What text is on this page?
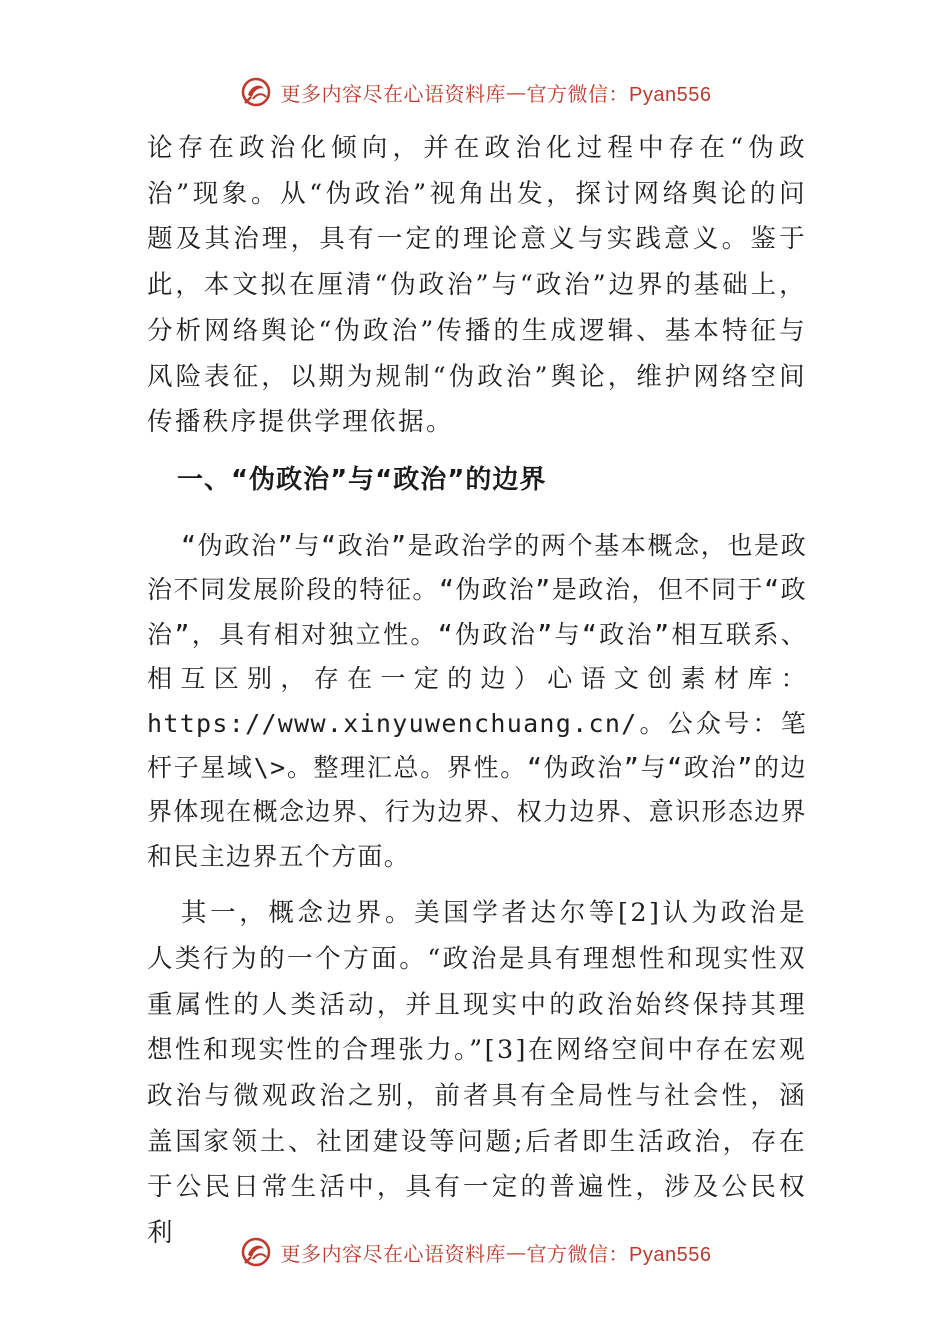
更多内容尽在心语资料库 — 官方微信：Pyan556

论存在政治化倾向，并在政治化过程中存在“伪政治”现象。从“伪政治”视角出发，探讨网络舆论的问题及其治理，具有一定的理论意义与实践意义。鉴于此，本文拟在厘清“伪政治”与“政治”边界的基础上，分析网络舆论“伪政治”传播的生成逻辑、基本特征与风险表征，以期为规制“伪政治”舆论，维护网络空间传播秩序提供学理依据。

一、“伪政治”与“政治”的边界

“伪政治”与“政治”是政治学的两个基本概念，也是政治不同发展阶段的特征。“伪政治”是政治，但不同于“政治”，具有相对独立性。“伪政治”与“政治”相互联系、相互区别，存在一定的边）心语文创素材库：https://www.xinyuwenchuang.cn/。公众号：笔杆子星域\>。整理汇总。界性。“伪政治”与“政治”的边界体现在概念边界、行为边界、权力边界、意识形态边界和民主边界五个方面。

其一，概念边界。美国学者达尔等[2]认为政治是人类行为的一个方面。“政治是具有理想性和现实性双重属性的人类活动，并且现实中的政治始终保持其理想性和现实性的合理张力。”[3]在网络空间中存在宏观政治与微观政治之别，前者具有全局性与社会性，涵盖国家领土、社团建设等问题;后者即生活政治，存在于公民日常生活中，具有一定的普遍性，涉及公民权利

更多内容尽在心语资料库 — 官方微信：Pyan556
